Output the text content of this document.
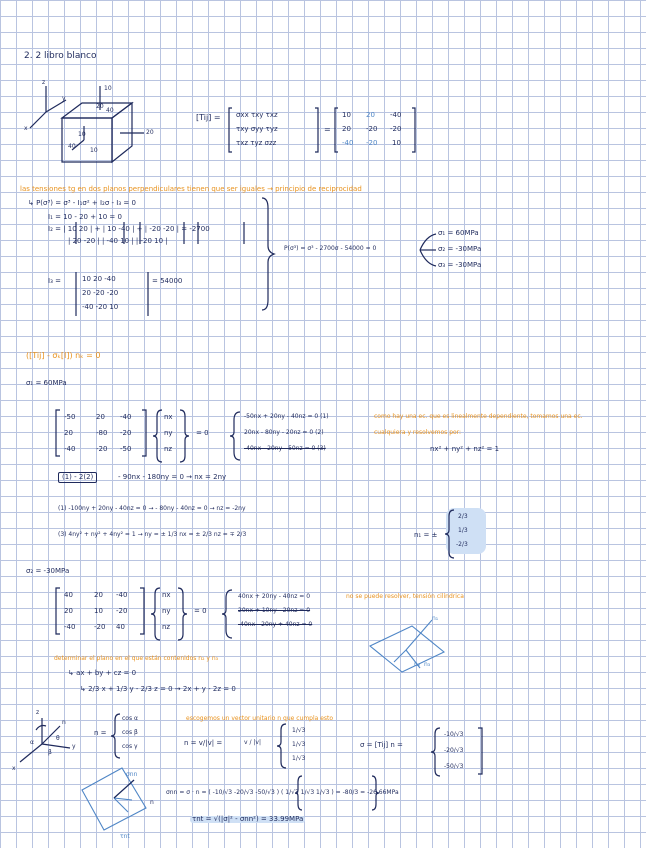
2. 2 libro blanco
z
y
x
10
20
40
20
40
10
10
[Tij] = σxx τxy τxz
τxy σyy τyz
τxz τyz σzz
=
10 20 -40
20 -20 -20
-40 -20 10
las tensiones tg en dos planos perpendiculares tienen que ser iguales → principio de reciprocidad
↳ P(σ³) = σ³ - I₁σ² + I₂σ - I₃ = 0
I₁ = 10 - 20 + 10 = 0
I₂ = | 10 20 | + | 10 -40 | + | -20 -20 | = -2700
| 20 -20 | | -40 10 | | -20 10 |
I₃ =	10 20 -40
20 -20 -20
-40 -20 10
= 54000
P(σ³) = σ³ - 2700σ - 54000 = 0
σ₁ = 60MPa
σ₂ = -30MPa
σ₃ = -30MPa
([Tij] - σₖ[I]) nₖ = 0
σ₁ = 60MPa
-50	20 -40
20	-80 -20
-40	-20 -50
nx
ny
nz
= 0
-50nx + 20ny - 40nz = 0 (1)
20nx - 80ny - 20nz = 0 (2)
-40nx - 20ny - 50nz = 0 (3)
como hay una ec. que es linealmente dependiente, tomamos una ec.
cualquiera y resolvemos por:
nx² + ny² + nz² = 1
(1) - 2(2)	- 90nx - 180ny = 0 → nx = 2ny
(1) -100ny + 20ny - 40nz = 0 → - 80ny - 40nz = 0 → nz = -2ny
(3) 4ny² + ny² + 4ny² = 1 → ny = ± 1/3 nx = ± 2/3 nz = ∓ 2/3	n₁ = ±
2/3
1/3
-2/3
σ₂ = -30MPa
40	20 -40
20	10 -20
-40	-20 40
nx
ny
nz
= 0
40nx + 20ny - 40nz = 0
20nx + 10ny - 20nz = 0
-40nx - 20ny + 40nz = 0
no se puede resolver, tensión cilíndrica
n₁
n₂ n₃
determinar el plano en el que están contenidos n₂ y n₃
↳ ax + by + cz = 0
↳ 2/3 x + 1/3 y - 2/3 z = 0 → 2x + y - 2z = 0
z
x
y
n
θ
α
β
n =
cos α
cos β
cos γ
escogemos un vector unitario n que cumpla esto
n = v/|v| =	v / |v|
1/√3
1/√3
1/√3
σ = [Tij] n =
-10/√3
-20/√3
-50/√3
σnn
τnt
n
σnn = σ · n = ( -10/√3 -20/√3 -50/√3 ) ( 1/√3 1/√3 1/√3 ) = -80/3 = -26.66MPa
τnt = √(|σ|² - σnn²) = 33.99MPa
